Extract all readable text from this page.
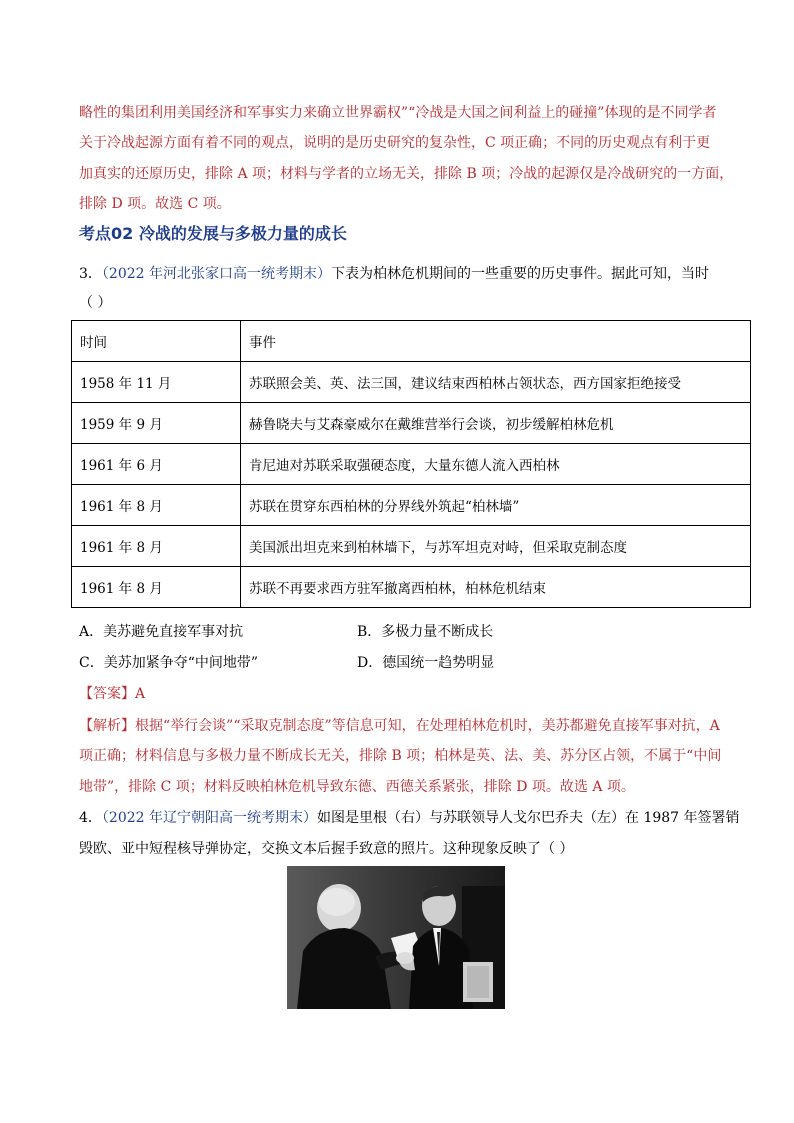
略性的集团利用美国经济和军事实力来确立世界霸权”“冷战是大国之间利益上的碰撞”体现的是不同学者
关于冷战起源方面有着不同的观点，说明的是历史研究的复杂性，C 项正确；不同的历史观点有利于更
加真实的还原历史，排除 A 项；材料与学者的立场无关，排除 B 项；冷战的起源仅是冷战研究的一方面，
排除 D 项。故选 C 项。
考点02 冷战的发展与多极力量的成长
3．（2022 年河北张家口高一统考期末）下表为柏林危机期间的一些重要的历史事件。据此可知，当时
（ ）
时间	事件
1958 年 11 月	苏联照会美、英、法三国，建议结束西柏林占领状态，西方国家拒绝接受
1959 年 9 月	赫鲁晓夫与艾森豪威尔在戴维营举行会谈，初步缓解柏林危机
1961 年 6 月	肯尼迪对苏联采取强硬态度，大量东德人流入西柏林
1961 年 8 月	苏联在贯穿东西柏林的分界线外筑起“柏林墙”
1961 年 8 月	美国派出坦克来到柏林墙下，与苏军坦克对峙，但采取克制态度
1961 年 8 月	苏联不再要求西方驻军撤离西柏林，柏林危机结束
A．美苏避免直接军事对抗	B．多极力量不断成长
C．美苏加紧争夺“中间地带”	D．德国统一趋势明显
【答案】A
【解析】根据“举行会谈”“采取克制态度”等信息可知，在处理柏林危机时，美苏都避免直接军事对抗，A
项正确；材料信息与多极力量不断成长无关，排除 B 项；柏林是英、法、美、苏分区占领，不属于“中间
地带”，排除 C 项；材料反映柏林危机导致东德、西德关系紧张，排除 D 项。故选 A 项。
4．（2022 年辽宁朝阳高一统考期末）如图是里根（右）与苏联领导人戈尔巴乔夫（左）在 1987 年签署销
毁欧、亚中短程核导弹协定，交换文本后握手致意的照片。这种现象反映了（ ）
